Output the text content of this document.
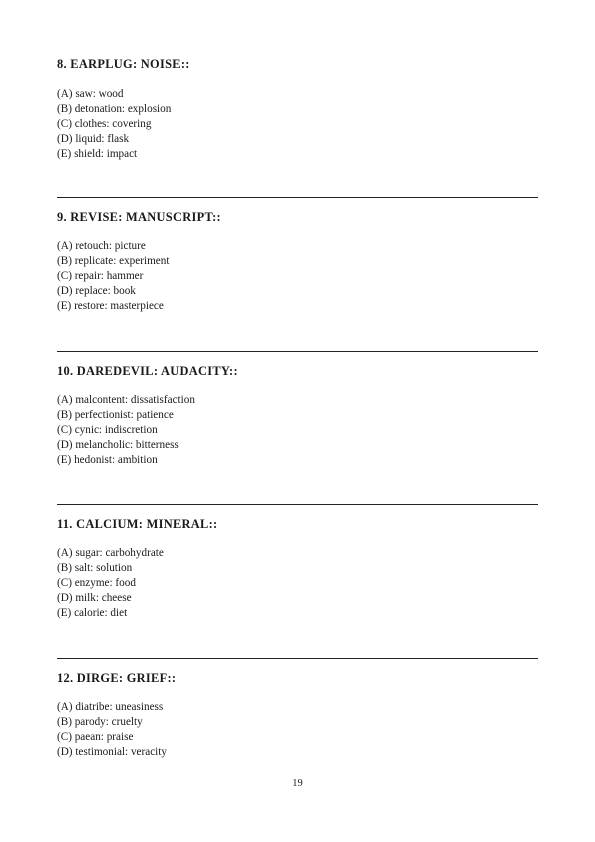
8. EARPLUG: NOISE::
(A) saw: wood
(B) detonation: explosion
(C) clothes: covering
(D) liquid: flask
(E) shield: impact
9. REVISE: MANUSCRIPT::
(A) retouch: picture
(B) replicate: experiment
(C) repair: hammer
(D) replace: book
(E) restore: masterpiece
10. DAREDEVIL: AUDACITY::
(A) malcontent: dissatisfaction
(B) perfectionist: patience
(C) cynic: indiscretion
(D) melancholic: bitterness
(E) hedonist: ambition
11. CALCIUM: MINERAL::
(A) sugar: carbohydrate
(B) salt: solution
(C) enzyme: food
(D) milk: cheese
(E) calorie: diet
12. DIRGE: GRIEF::
(A) diatribe: uneasiness
(B) parody: cruelty
(C) paean: praise
(D) testimonial: veracity
19
